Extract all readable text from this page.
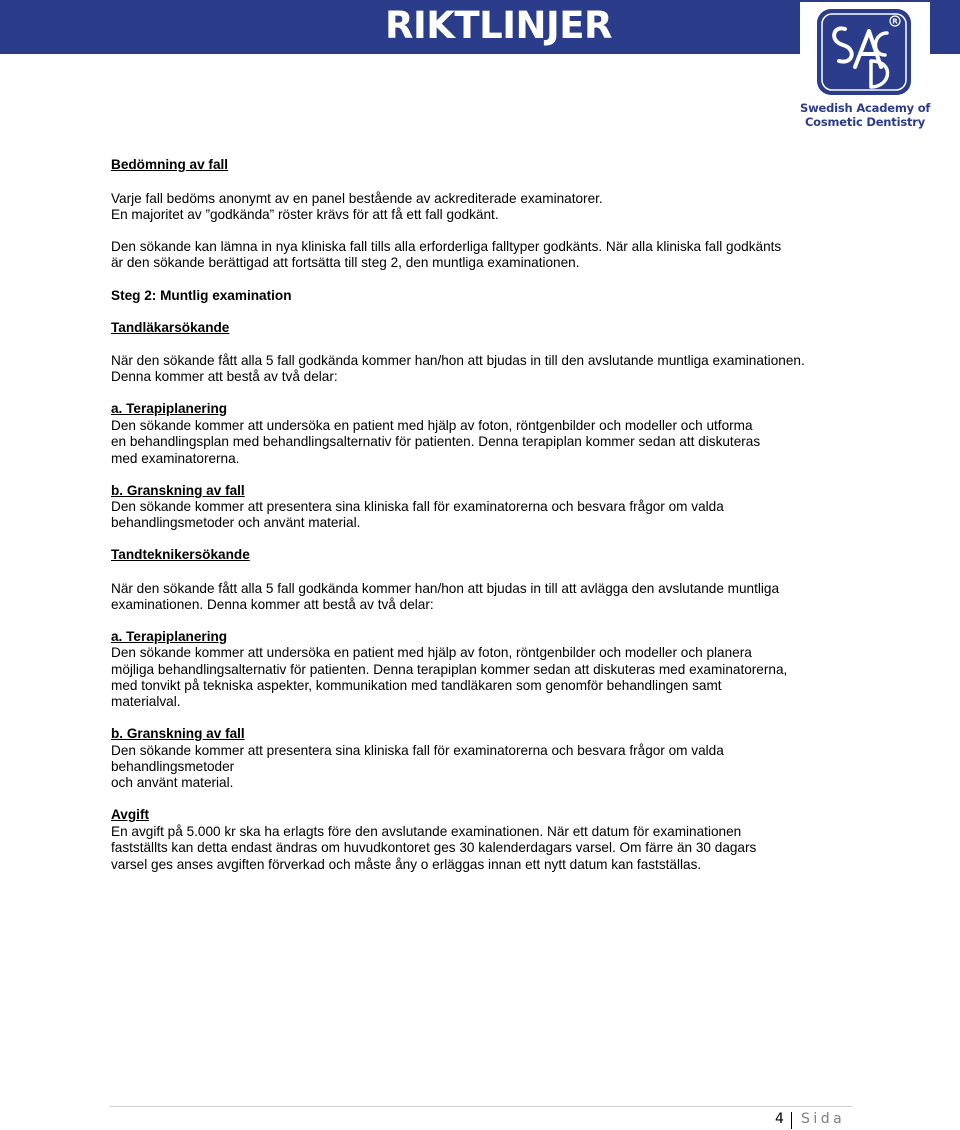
RIKTLINJER	R
Swedish Academy of
Cosmetic Dentistry

Bedömning av fall

Varje fall bedöms anonymt av en panel bestående av ackrediterade examinatorer.

En majoritet av ”godkända” röster krävs för att få ett fall godkänt.

Den sökande kan lämna in nya kliniska fall tills alla erforderliga falltyper godkänts. När alla kliniska fall godkänts

är den sökande berättigad att fortsätta till steg 2, den muntliga examinationen.

Steg 2: Muntlig examination

Tandläkarsökande

När den sökande fått alla 5 fall godkända kommer han/hon att bjudas in till den avslutande muntliga examinationen.

Denna kommer att bestå av två delar:

a. Terapiplanering

Den sökande kommer att undersöka en patient med hjälp av foton, röntgenbilder och modeller och utforma

en behandlingsplan med behandlingsalternativ för patienten. Denna terapiplan kommer sedan att diskuteras

med examinatorerna.

b. Granskning av fall

Den sökande kommer att presentera sina kliniska fall för examinatorerna och besvara frågor om valda

behandlingsmetoder och använt material.

Tandteknikersökande

När den sökande fått alla 5 fall godkända kommer han/hon att bjudas in till att avlägga den avslutande muntliga

examinationen. Denna kommer att bestå av två delar:

a. Terapiplanering

Den sökande kommer att undersöka en patient med hjälp av foton, röntgenbilder och modeller och planera

möjliga behandlingsalternativ för patienten. Denna terapiplan kommer sedan att diskuteras med examinatorerna,

med tonvikt på tekniska aspekter, kommunikation med tandläkaren som genomför behandlingen samt

materialval.

b. Granskning av fall

Den sökande kommer att presentera sina kliniska fall för examinatorerna och besvara frågor om valda

behandlingsmetoder

och använt material.

Avgift

En avgift på 5.000 kr ska ha erlagts före den avslutande examinationen. När ett datum för examinationen

fastställts kan detta endast ändras om huvudkontoret ges 30 kalenderdagars varsel. Om färre än 30 dagars

varsel ges anses avgiften förverkad och måste åny o erläggas innan ett nytt datum kan fastställas.

4 Sida
